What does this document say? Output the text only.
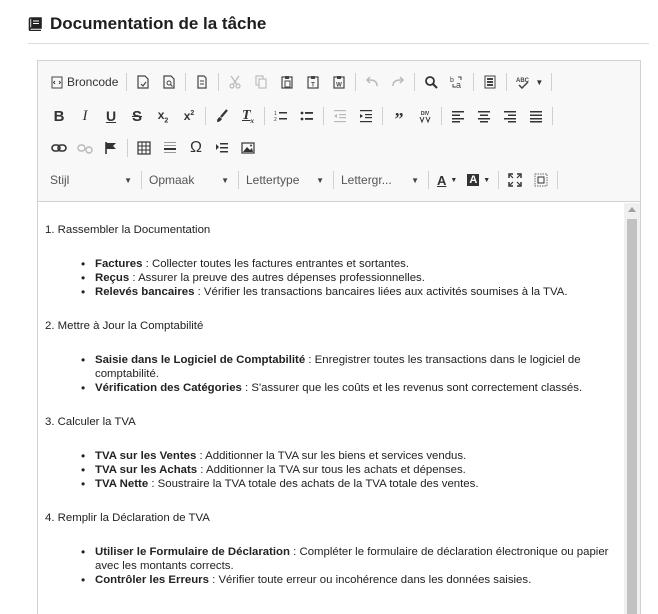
Documentation de la tâche
Broncode	T	W
b a	ABC ▼
B I U S $x_2$ $x^2$	$T_x$
1
2	”	DIV
Ω
Stijl	▼ Opmaak	▼ Lettertype ▼ Lettergr... ▼ A ▼ A ▼
1. Rassembler la Documentation
• Factures : Collecter toutes les factures entrantes et sortantes.
• Reçus : Assurer la preuve des autres dépenses professionnelles.
• Relevés bancaires : Vérifier les transactions bancaires liées aux activités soumises à la TVA.
2. Mettre à Jour la Comptabilité
• Saisie dans le Logiciel de Comptabilité : Enregistrer toutes les transactions dans le logiciel de comptabilité.
• Vérification des Catégories : S'assurer que les coûts et les revenus sont correctement classés.
3. Calculer la TVA
• TVA sur les Ventes : Additionner la TVA sur les biens et services vendus.
• TVA sur les Achats : Additionner la TVA sur tous les achats et dépenses.
• TVA Nette : Soustraire la TVA totale des achats de la TVA totale des ventes.
4. Remplir la Déclaration de TVA
• Utiliser le Formulaire de Déclaration : Compléter le formulaire de déclaration électronique ou papier avec les montants corrects.
• Contrôler les Erreurs : Vérifier toute erreur ou incohérence dans les données saisies.
